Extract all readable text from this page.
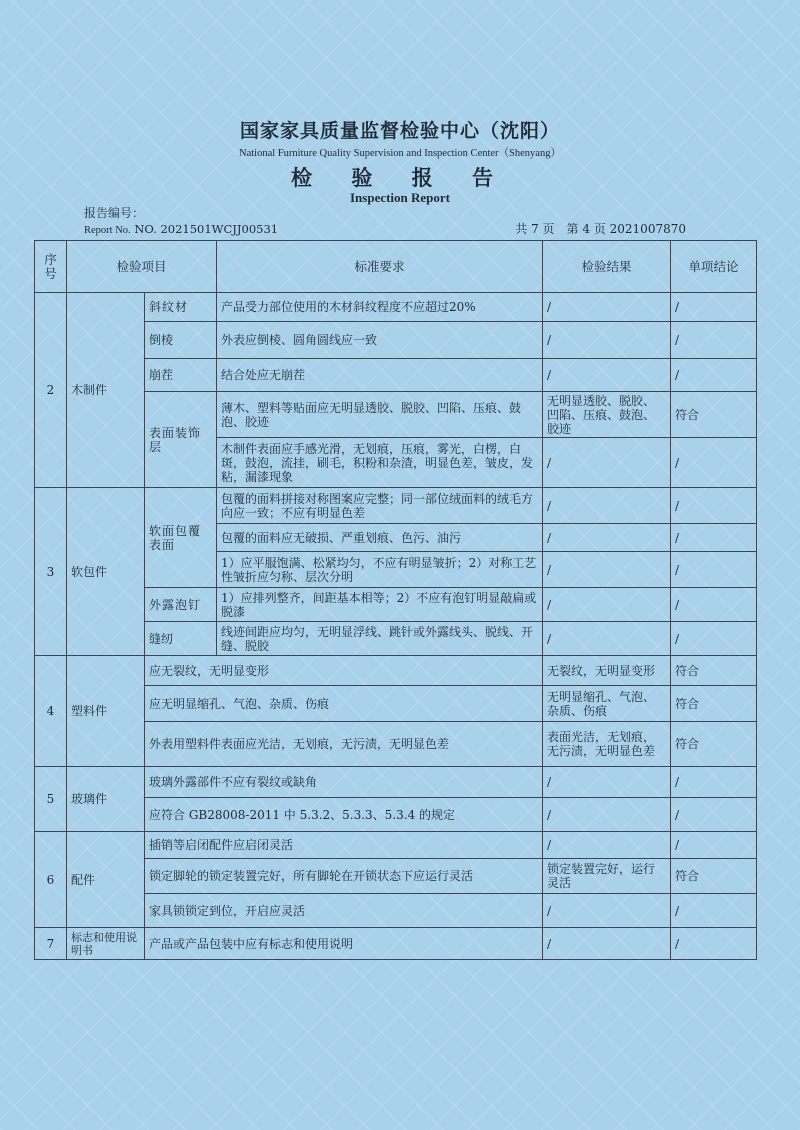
国家家具质量监督检验中心（沈阳）
National Furniture Quality Supervision and Inspection Center（Shenyang）
检 验 报 告
Inspection Report
报告编号：
Report No. NO. 2021501WCJJ00531	共 7 页　第 4 页 2021007870
序号	检验项目		标准要求	检验结果	单项结论
2	木制件	斜纹材	产品受力部位使用的木材斜纹程度不应超过20%	/	/
		倒棱	外表应倒棱、圆角圆线应一致	/	/
		崩茬	结合处应无崩茬	/	/
		表面装饰层	薄木、塑料等贴面应无明显透胶、脱胶、凹陷、压痕、鼓泡、胶迹	无明显透胶、脱胶、凹陷、压痕、鼓泡、胶迹	符合
			木制件表面应手感光滑，无划痕，压痕，雾光，白楞，白斑，鼓泡，流挂，刷毛，积粉和杂渣，明显色差，皱皮，发粘，漏漆现象	/	/
3	软包件	软面包覆表面	包覆的面料拼接对称图案应完整；同一部位绒面料的绒毛方向应一致；不应有明显色差	/	/
			包覆的面料应无破损、严重划痕、色污、油污	/	/
			1）应平服饱满、松紧均匀，不应有明显皱折；2）对称工艺性皱折应匀称、层次分明	/	/
		外露泡钉	1）应排列整齐，间距基本相等；2）不应有泡钉明显敲扁或脱漆	/	/
		缝纫	线迹间距应均匀，无明显浮线、跳针或外露线头、脱线、开缝、脱胶	/	/
4	塑料件	应无裂纹，无明显变形		无裂纹，无明显变形	符合
		应无明显缩孔、气泡、杂质、伤痕		无明显缩孔、气泡、杂质、伤痕	符合
		外表用塑料件表面应光洁，无划痕，无污渍，无明显色差		表面光洁，无划痕，无污渍，无明显色差	符合
5	玻璃件	玻璃外露部件不应有裂纹或缺角		/	/
		应符合 GB28008-2011 中 5.3.2、5.3.3、5.3.4 的规定		/	/
6	配件	插销等启闭配件应启闭灵活		/	/
		锁定脚轮的锁定装置完好，所有脚轮在开锁状态下应运行灵活		锁定装置完好，运行灵活	符合
		家具锁锁定到位，开启应灵活		/	/
7	标志和使用说明书	产品或产品包装中应有标志和使用说明		/	/
